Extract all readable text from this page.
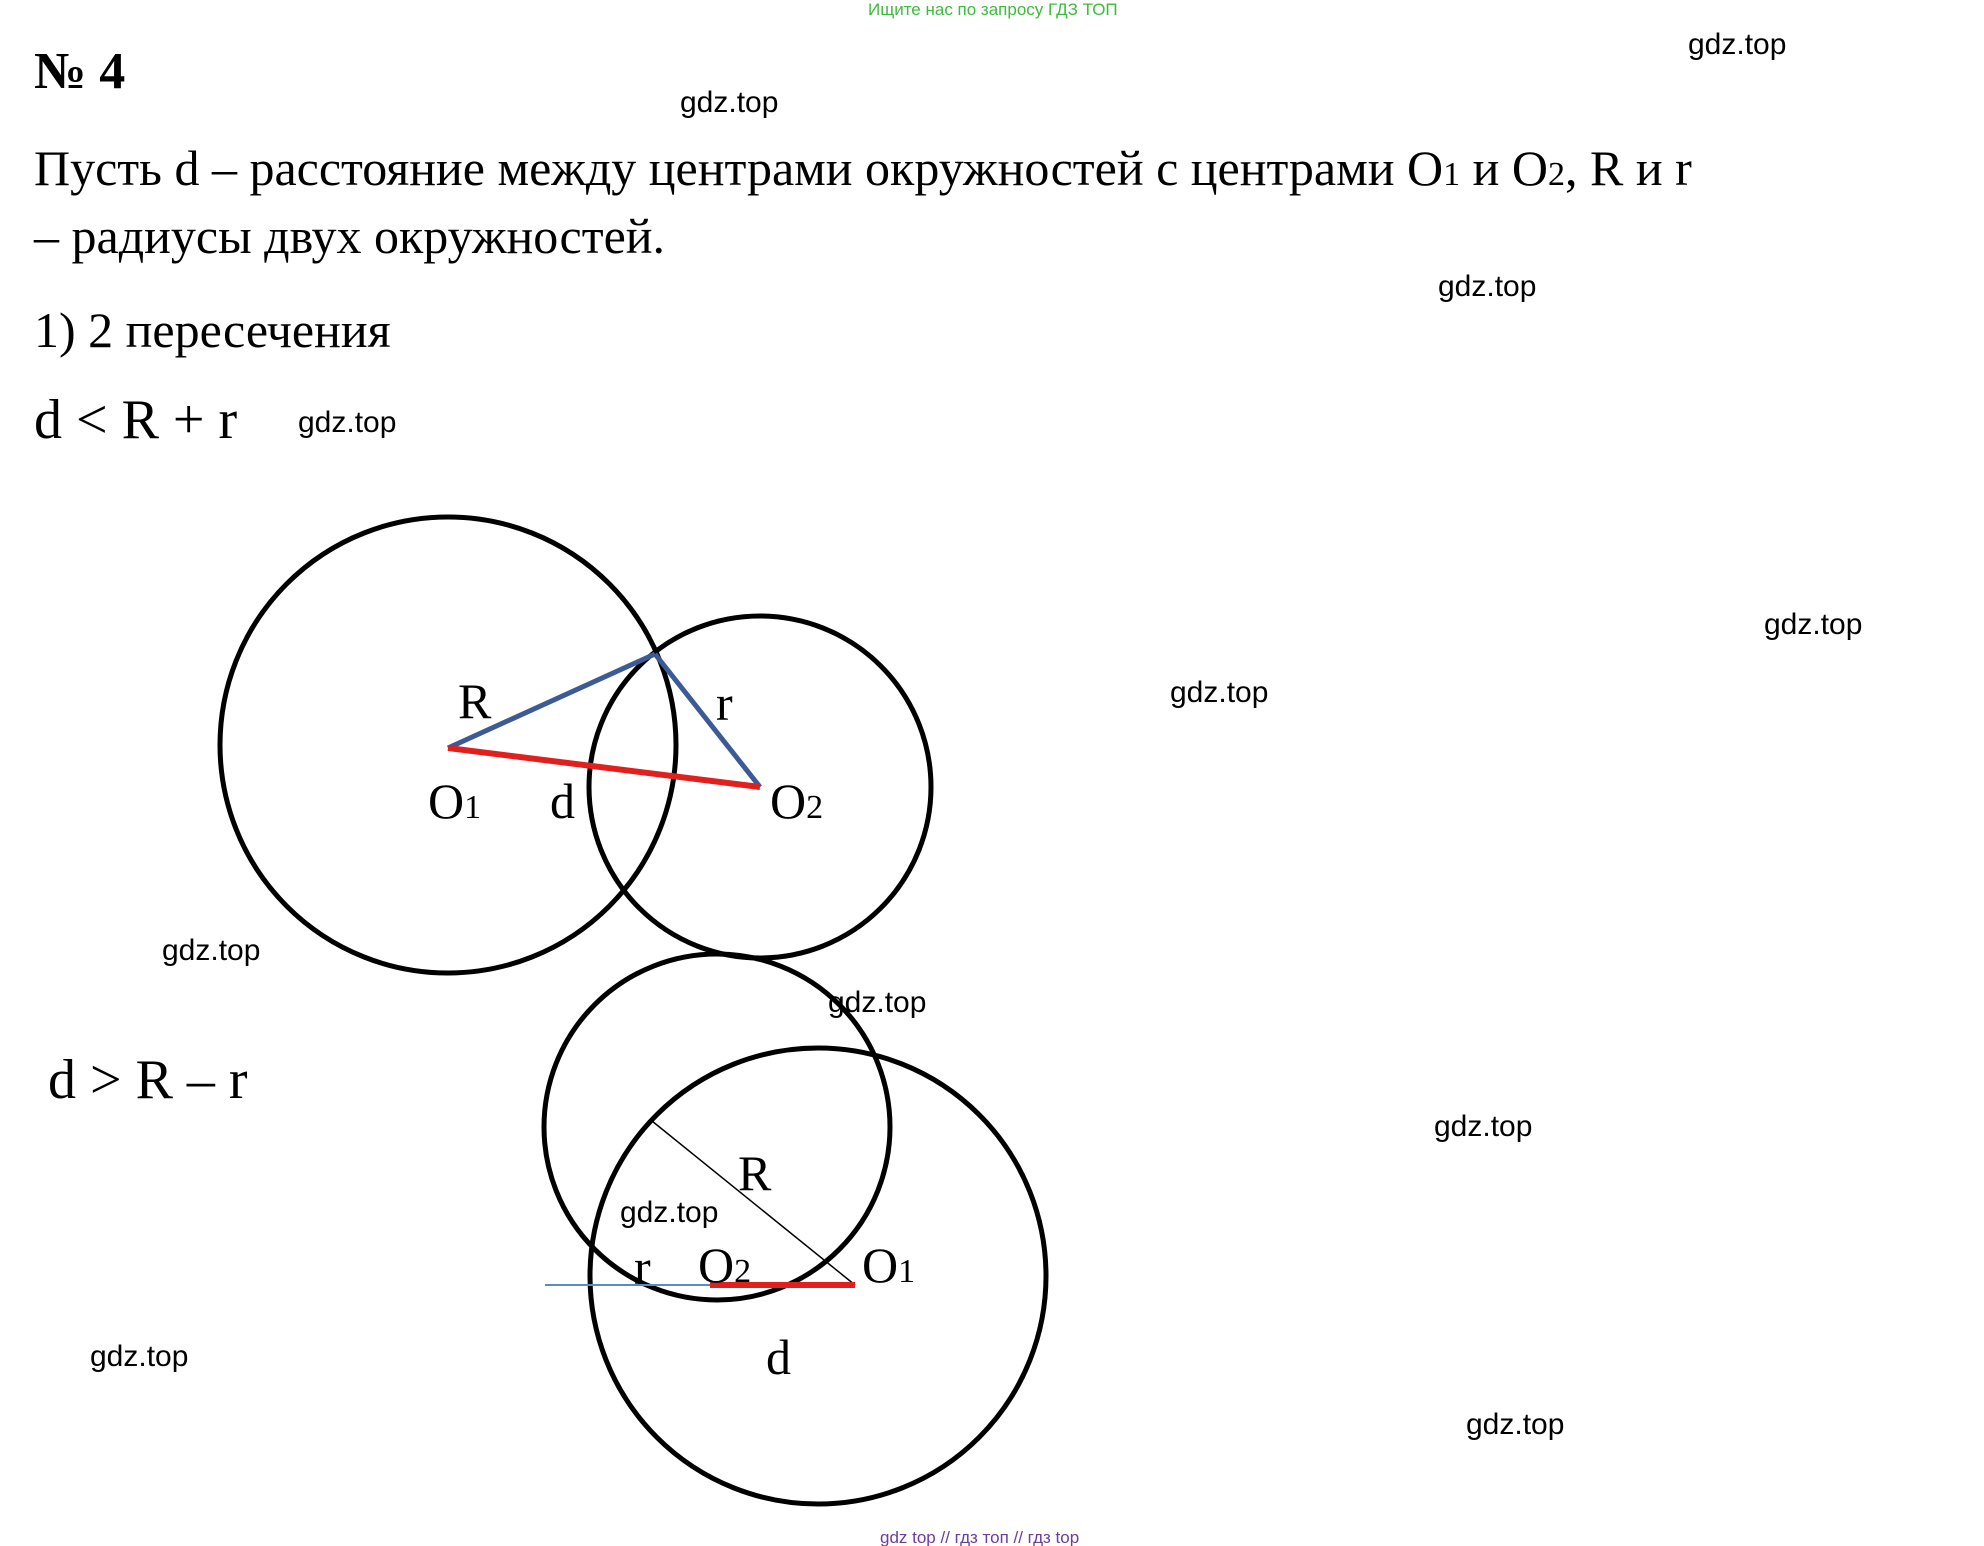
Ищите нас по запросу ГДЗ ТОП
№ 4
Пусть d – расстояние между центрами окружностей с центрами O1 и O2, R и r
– радиусы двух окружностей.
1) 2 пересечения
d < R + r
d > R – r
R	r
d
O1	O2
R
r
d
O2 O1
gdz.top
gdz.top
gdz.top
gdz.top
gdz.top
gdz.top
gdz.top
gdz.top
gdz.top
gdz.top
gdz.top
gdz.top
gdz top // гдз топ // гдз top
